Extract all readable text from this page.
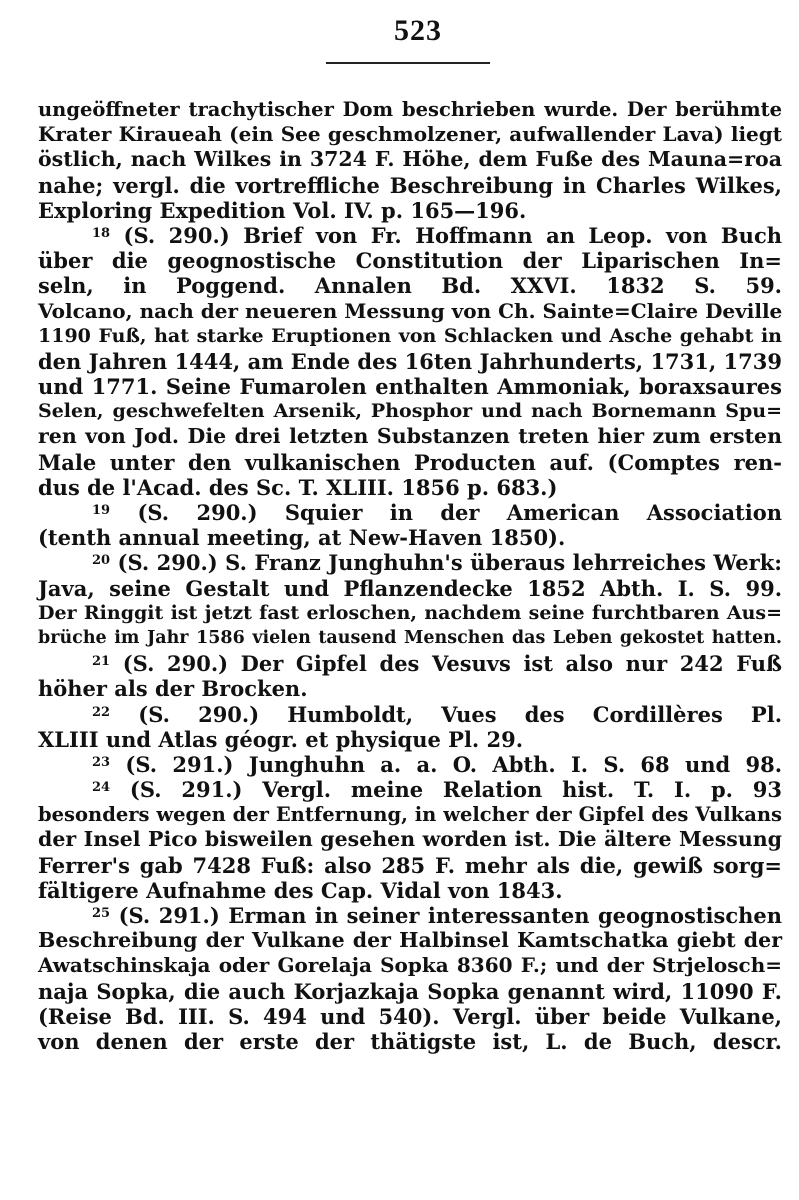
523
ungeöffneter trachytischer Dom beschrieben wurde. Der berühmte
Krater Kiraueah (ein See geschmolzener, aufwallender Lava) liegt
östlich, nach Wilkes in 3724 F. Höhe, dem Fuße des Mauna=roa
nahe; vergl. die vortreffliche Beschreibung in Charles Wilkes,
Exploring Expedition Vol. IV. p. 165—196.
$^{18}$ (S. 290.) Brief von Fr. Hoffmann an Leop. von Buch
über die geognostische Constitution der Liparischen In=
seln, in Poggend. Annalen Bd. XXVI. 1832 S. 59.
Volcano, nach der neueren Messung von Ch. Sainte=Claire Deville
1190 Fuß, hat starke Eruptionen von Schlacken und Asche gehabt in
den Jahren 1444, am Ende des 16ten Jahrhunderts, 1731, 1739
und 1771. Seine Fumarolen enthalten Ammoniak, boraxsaures
Selen, geschwefelten Arsenik, Phosphor und nach Bornemann Spu=
ren von Jod. Die drei letzten Substanzen treten hier zum ersten
Male unter den vulkanischen Producten auf. (Comptes ren-
dus de l'Acad. des Sc. T. XLIII. 1856 p. 683.)
$^{19}$ (S. 290.) Squier in der American Association
(tenth annual meeting, at New-Haven 1850).
$^{20}$ (S. 290.) S. Franz Junghuhn's überaus lehrreiches Werk:
Java, seine Gestalt und Pflanzendecke 1852 Abth. I. S. 99.
Der Ringgit ist jetzt fast erloschen, nachdem seine furchtbaren Aus=
brüche im Jahr 1586 vielen tausend Menschen das Leben gekostet hatten.
$^{21}$ (S. 290.) Der Gipfel des Vesuvs ist also nur 242 Fuß
höher als der Brocken.
$^{22}$ (S. 290.) Humboldt, Vues des Cordillères Pl.
XLIII und Atlas géogr. et physique Pl. 29.
$^{23}$ (S. 291.) Junghuhn a. a. O. Abth. I. S. 68 und 98.
$^{24}$ (S. 291.) Vergl. meine Relation hist. T. I. p. 93
besonders wegen der Entfernung, in welcher der Gipfel des Vulkans
der Insel Pico bisweilen gesehen worden ist. Die ältere Messung
Ferrer's gab 7428 Fuß: also 285 F. mehr als die, gewiß sorg=
fältigere Aufnahme des Cap. Vidal von 1843.
$^{25}$ (S. 291.) Erman in seiner interessanten geognostischen
Beschreibung der Vulkane der Halbinsel Kamtschatka giebt der
Awatschinskaja oder Gorelaja Sopka 8360 F.; und der Strjelosch=
naja Sopka, die auch Korjazkaja Sopka genannt wird, 11090 F.
(Reise Bd. III. S. 494 und 540). Vergl. über beide Vulkane,
von denen der erste der thätigste ist, L. de Buch, descr.
